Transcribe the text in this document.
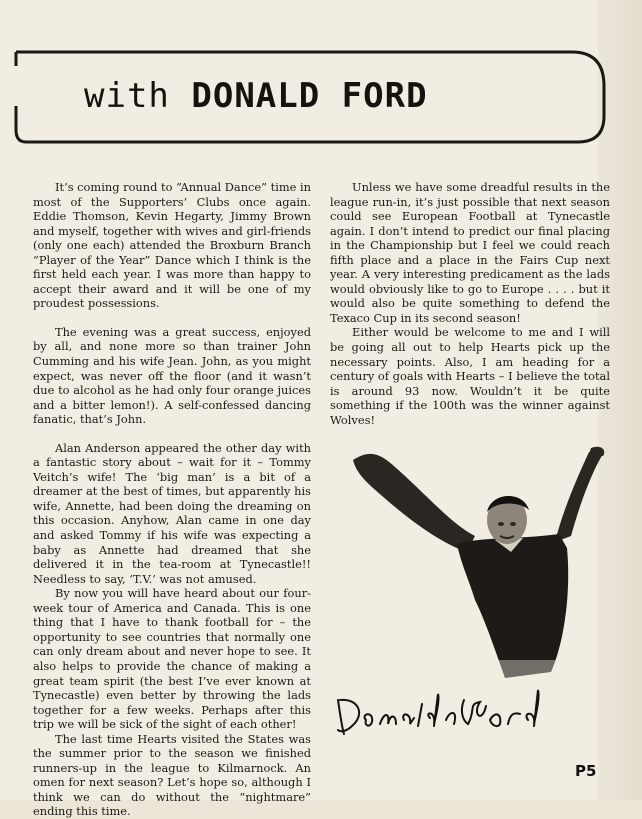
with DONALD FORD

It’s coming round to “Annual Dance” time in most of the Supporters’ Clubs once again. Eddie Thomson, Kevin Hegarty, Jimmy Brown and myself, together with wives and girl-friends (only one each) attended the Broxburn Branch “Player of the Year” Dance which I think is the first held each year. I was more than happy to accept their award and it will be one of my proudest possessions.

The evening was a great success, enjoyed by all, and none more so than trainer John Cumming and his wife Jean. John, as you might expect, was never off the floor (and it wasn’t due to alcohol as he had only four orange juices and a bitter lemon!). A self-confessed dancing fanatic, that’s John.

Alan Anderson appeared the other day with a fantastic story about – wait for it – Tommy Veitch’s wife! The ‘big man’ is a bit of a dreamer at the best of times, but apparently his wife, Annette, had been doing the dreaming on this occasion. Anyhow, Alan came in one day and asked Tommy if his wife was expecting a baby as Annette had dreamed that she delivered it in the tea-room at Tynecastle!! Needless to say, ‘T.V.’ was not amused.

By now you will have heard about our four-week tour of America and Canada. This is one thing that I have to thank football for – the opportunity to see countries that normally one can only dream about and never hope to see. It also helps to provide the chance of making a great team spirit (the best I’ve ever known at Tynecastle) even better by throwing the lads together for a few weeks. Perhaps after this trip we will be sick of the sight of each other!

The last time Hearts visited the States was the summer prior to the season we finished runners-up in the league to Kilmarnock. An omen for next season? Let’s hope so, although I think we can do without the “nightmare” ending this time.

Unless we have some dreadful results in the league run-in, it’s just possible that next season could see European Football at Tynecastle again. I don’t intend to predict our final placing in the Championship but I feel we could reach fifth place and a place in the Fairs Cup next year. A very interesting predicament as the lads would obviously like to go to Europe . . . . but it would also be quite something to defend the Texaco Cup in its second season!

Either would be welcome to me and I will be going all out to help Hearts pick up the necessary points. Also, I am heading for a century of goals with Hearts – I believe the total is around 93 now. Wouldn’t it be quite something if the 100th was the winner against Wolves!

P5
